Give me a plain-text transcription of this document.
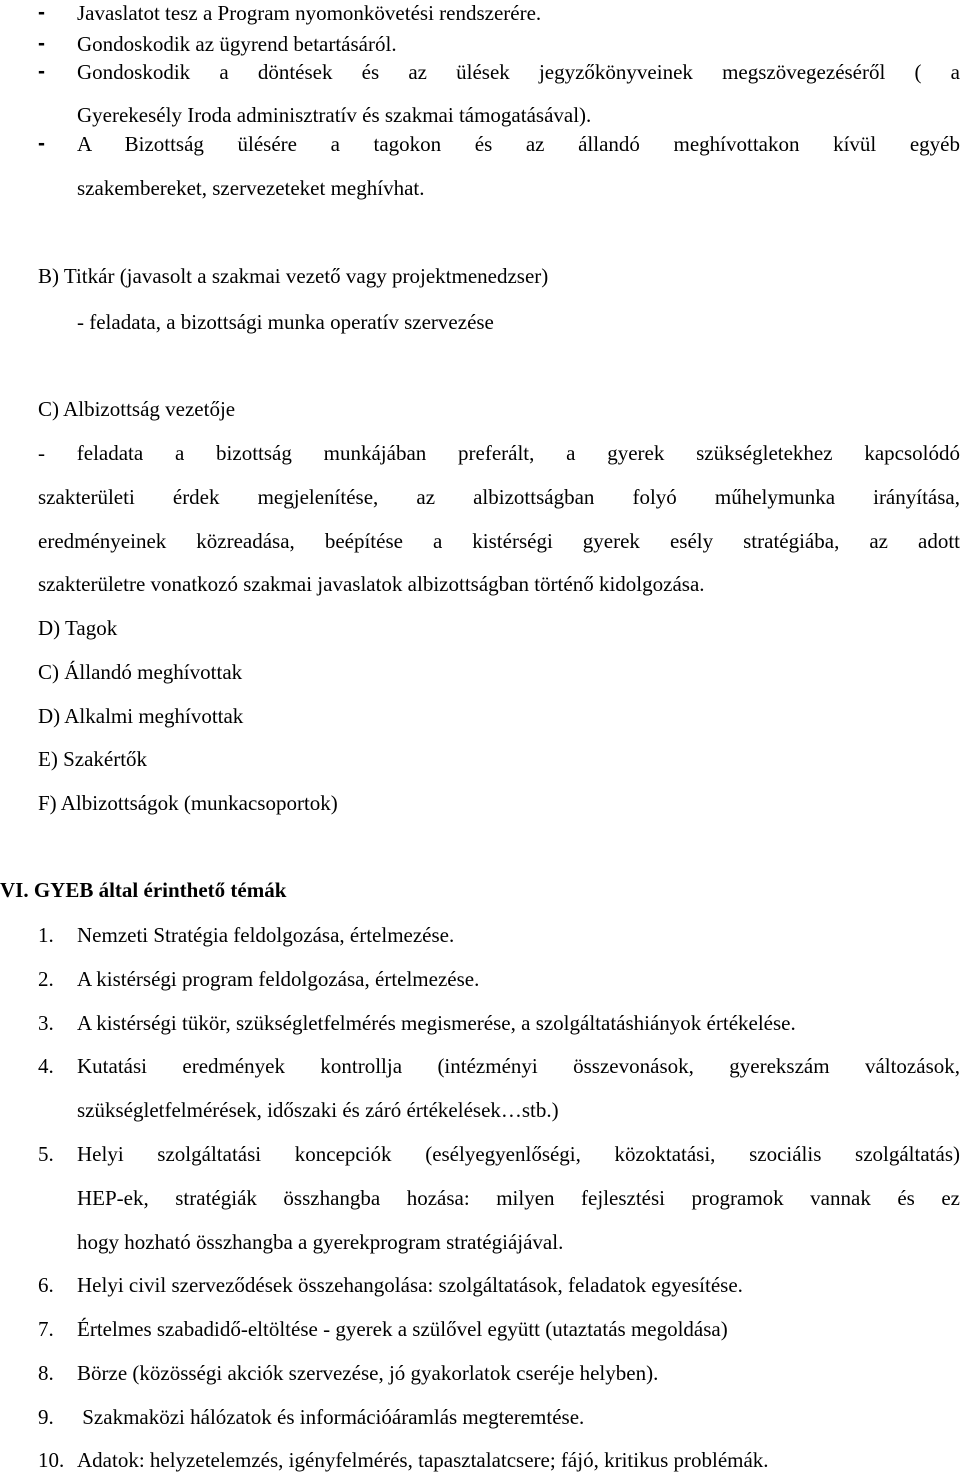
- Javaslatot tesz a Program nyomonkövetési rendszerére.
- Gondoskodik az ügyrend betartásáról.
- Gondoskodik a döntések és az ülések jegyzőkönyveinek megszövegezéséről ( a
Gyerekesély Iroda adminisztratív és szakmai támogatásával).
- A Bizottság ülésére a tagokon és az állandó meghívottakon kívül egyéb
szakembereket, szervezeteket meghívhat.
B) Titkár (javasolt a szakmai vezető vagy projektmenedzser)
- feladata, a bizottsági munka operatív szervezése
C) Albizottság vezetője
- feladata a bizottság munkájában preferált, a gyerek szükségletekhez kapcsolódó
szakterületi érdek megjelenítése, az albizottságban folyó műhelymunka irányítása,
eredményeinek közreadása, beépítése a kistérségi gyerek esély stratégiába, az adott
szakterületre vonatkozó szakmai javaslatok albizottságban történő kidolgozása.
D) Tagok
C) Állandó meghívottak
D) Alkalmi meghívottak
E) Szakértők
F) Albizottságok (munkacsoportok)
VI. GYEB által érinthető témák
1. Nemzeti Stratégia feldolgozása, értelmezése.
2. A kistérségi program feldolgozása, értelmezése.
3. A kistérségi tükör, szükségletfelmérés megismerése, a szolgáltatáshiányok értékelése.
4. Kutatási eredmények kontrollja (intézményi összevonások, gyerekszám változások,
szükségletfelmérések, időszaki és záró értékelések…stb.)
5. Helyi szolgáltatási koncepciók (esélyegyenlőségi, közoktatási, szociális szolgáltatás)
HEP-ek, stratégiák összhangba hozása: milyen fejlesztési programok vannak és ez
hogy hozható összhangba a gyerekprogram stratégiájával.
6. Helyi civil szerveződések összehangolása: szolgáltatások, feladatok egyesítése.
7. Értelmes szabadidő-eltöltése - gyerek a szülővel együtt (utaztatás megoldása)
8. Börze (közösségi akciók szervezése, jó gyakorlatok cseréje helyben).
9. Szakmaközi hálózatok és információáramlás megteremtése.
10. Adatok: helyzetelemzés, igényfelmérés, tapasztalatcsere; fájó, kritikus problémák.
